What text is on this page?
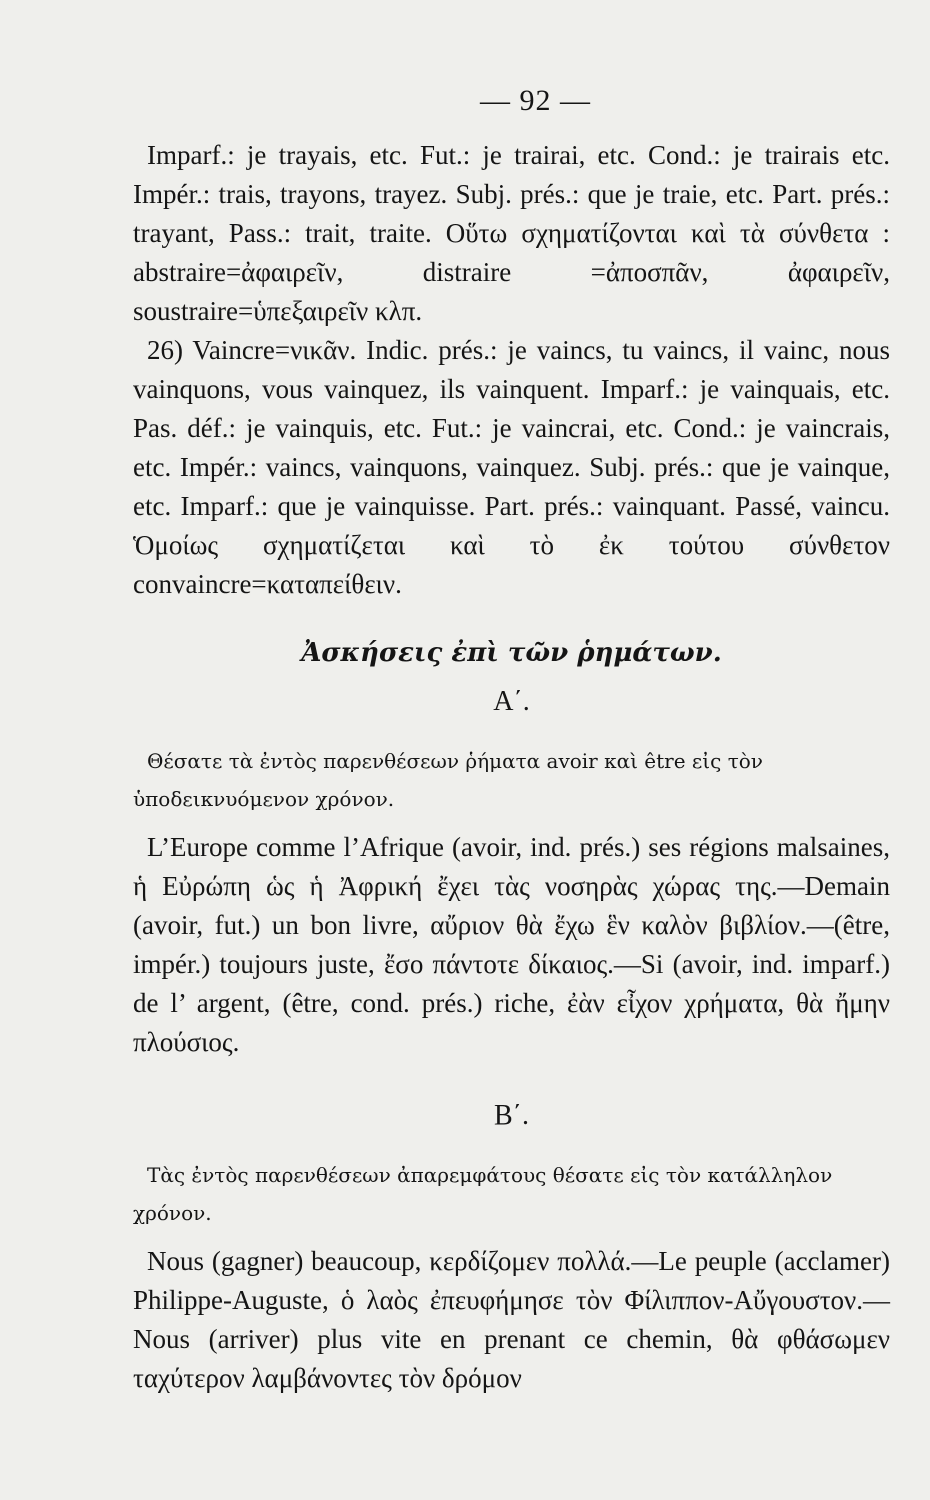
— 92 —

Imparf.: je trayais, etc. Fut.: je trairai, etc. Cond.: je trairais etc. Impér.: trais, trayons, trayez. Subj. prés.: que je traie, etc. Part. prés.: trayant, Pass.: trait, traite. Οὕτω σχηματίζονται καὶ τὰ σύνθετα : abstraire=ἀφαιρεῖν, distraire =ἀποσπᾶν, ἀφαιρεῖν, soustraire=ὑπεξαιρεῖν κλπ.

26) Vaincre=νικᾶν. Indic. prés.: je vaincs, tu vaincs, il vainc, nous vainquons, vous vainquez, ils vainquent. Imparf.: je vainquais, etc. Pas. déf.: je vainquis, etc. Fut.: je vaincrai, etc. Cond.: je vaincrais, etc. Impér.: vaincs, vainquons, vainquez. Subj. prés.: que je vainque, etc. Imparf.: que je vainquisse. Part. prés.: vainquant. Passé, vaincu. Ὁμοίως σχηματίζεται καὶ τὸ ἐκ τούτου σύνθετον convaincre=καταπείθειν.

Ἀσκήσεις ἐπὶ τῶν ῥημάτων.
Α΄.

Θέσατε τὰ ἐντὸς παρενθέσεων ῥήματα avoir καὶ être εἰς τὸν ὑποδεικνυόμενον χρόνον.

L’Europe comme l’Afrique (avoir, ind. prés.) ses régions malsaines, ἡ Εὐρώπη ὡς ἡ Ἀφρική ἔχει τὰς νοσηρὰς χώρας της.—Demain (avoir, fut.) un bon livre, αὔριον θὰ ἔχω ἓν καλὸν βιβλίον.—(être, impér.) toujours juste, ἔσο πάντοτε δίκαιος.—Si (avoir, ind. imparf.) de l’ argent, (être, cond. prés.) riche, ἐὰν εἶχον χρήματα, θὰ ἤμην πλούσιος.

Β΄.

Τὰς ἐντὸς παρενθέσεων ἀπαρεμφάτους θέσατε εἰς τὸν κατάλληλον χρόνον.

Nous (gagner) beaucoup, κερδίζομεν πολλά.—Le peuple (acclamer) Philippe-Auguste, ὁ λαὸς ἐπευφήμησε τὸν Φίλιππον-Αὔγουστον.—Nous (arriver) plus vite en prenant ce chemin, θὰ φθάσωμεν ταχύτερον λαμβάνοντες τὸν δρόμον
